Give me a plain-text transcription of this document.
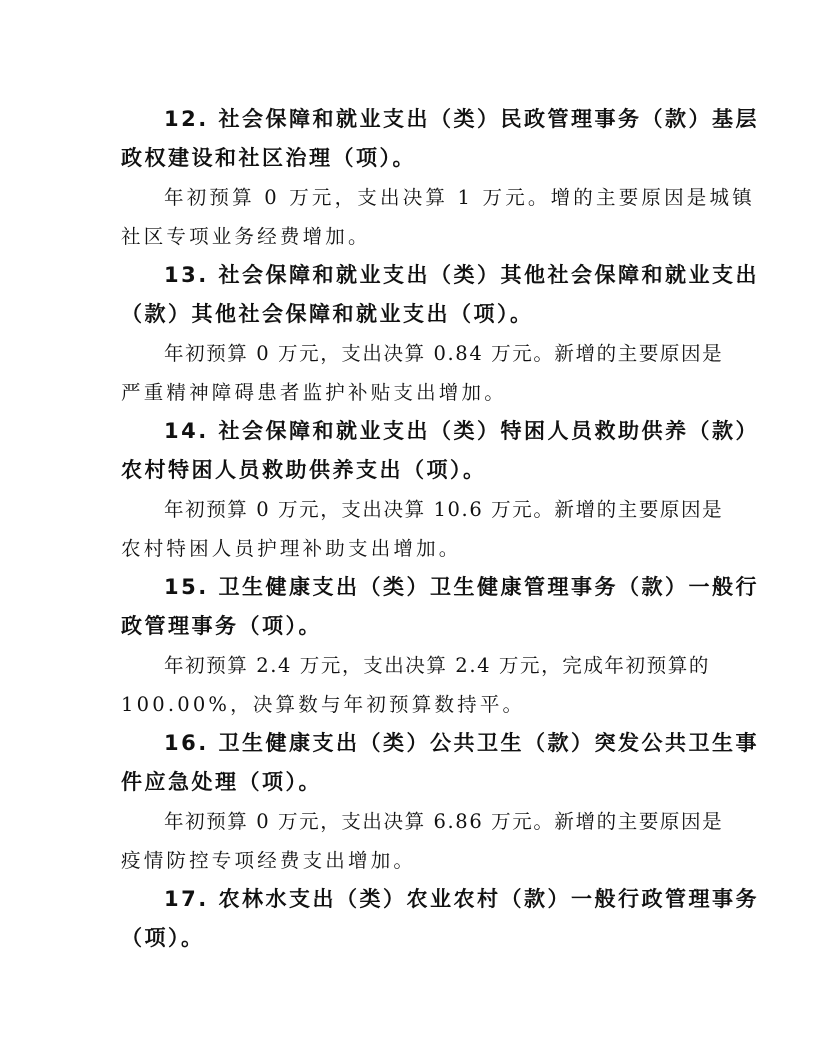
12. 社会保障和就业支出（类）民政管理事务（款）基层
政权建设和社区治理（项）。
年初预算 0 万元，支出决算 1 万元。增的主要原因是城镇
社区专项业务经费增加。
13. 社会保障和就业支出（类）其他社会保障和就业支出
（款）其他社会保障和就业支出（项）。
年初预算 0 万元，支出决算 0.84 万元。新增的主要原因是
严重精神障碍患者监护补贴支出增加。
14. 社会保障和就业支出（类）特困人员救助供养（款）
农村特困人员救助供养支出（项）。
年初预算 0 万元，支出决算 10.6 万元。新增的主要原因是
农村特困人员护理补助支出增加。
15. 卫生健康支出（类）卫生健康管理事务（款）一般行
政管理事务（项）。
年初预算 2.4 万元，支出决算 2.4 万元，完成年初预算的
100.00%，决算数与年初预算数持平。
16. 卫生健康支出（类）公共卫生（款）突发公共卫生事
件应急处理（项）。
年初预算 0 万元，支出决算 6.86 万元。新增的主要原因是
疫情防控专项经费支出增加。
17. 农林水支出（类）农业农村（款）一般行政管理事务
（项）。
